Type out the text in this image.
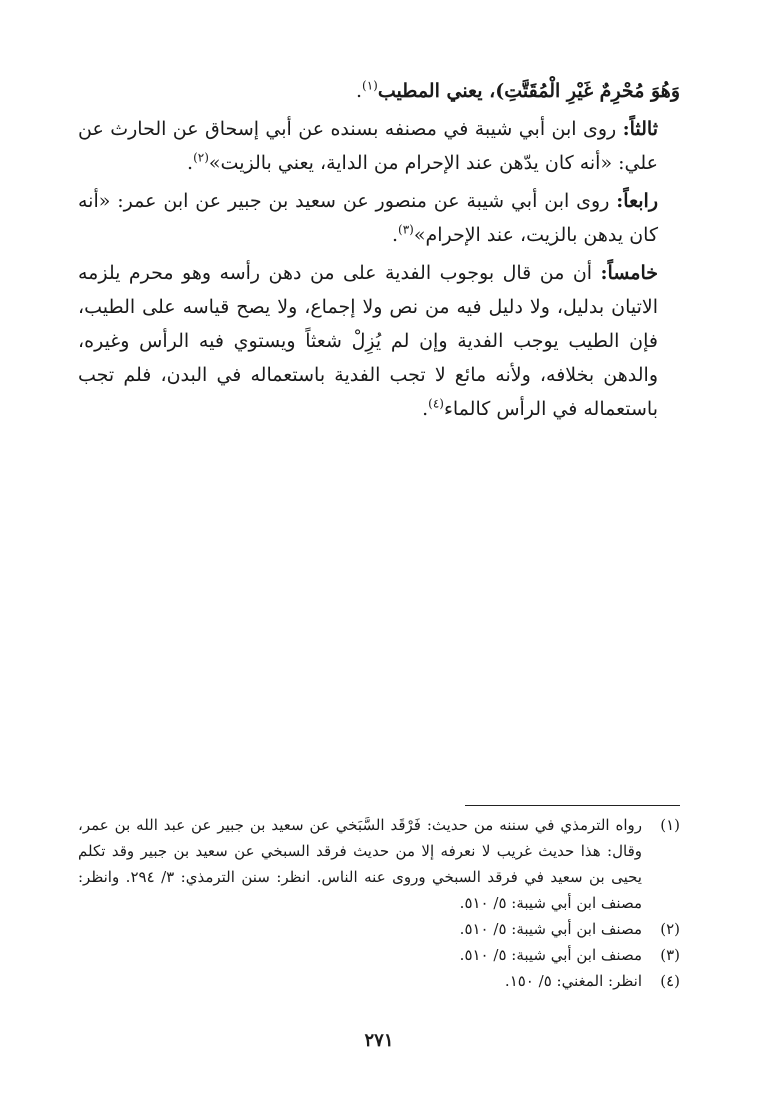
وَهُوَ مُحْرِمٌ غَيْرِ الْمُقَتَّتِ)، يعني المطيب$^{(١)}$.

ثالثاً: روى ابن أبي شيبة في مصنفه بسنده عن أبي إسحاق عن الحارث عن علي: «أنه كان يدّهن عند الإحرام من الداية، يعني بالزيت»$^{(٢)}$.

رابعاً: روى ابن أبي شيبة عن منصور عن سعيد بن جبير عن ابن عمر: «أنه كان يدهن بالزيت، عند الإحرام»$^{(٣)}$.

خامساً: أن من قال بوجوب الفدية على من دهن رأسه وهو محرم يلزمه الاتيان بدليل، ولا دليل فيه من نص ولا إجماع، ولا يصح قياسه على الطيب، فإن الطيب يوجب الفدية وإن لم يُزِلْ شعثاً ويستوي فيه الرأس وغيره، والدهن بخلافه، ولأنه مائع لا تجب الفدية باستعماله في البدن، فلم تجب باستعماله في الرأس كالماء$^{(٤)}$.

(١)
رواه الترمذي في سننه من حديث: فَرْقَد السَّبَخي عن سعيد بن جبير عن عبد الله بن عمر، وقال: هذا حديث غريب لا نعرفه إلا من حديث فرقد السبخي عن سعيد بن جبير وقد تكلم يحيى بن سعيد في فرقد السبخي وروى عنه الناس. انظر: سنن الترمذي: ٣/ ٢٩٤. وانظر: مصنف ابن أبي شيبة: ٥/ ٥١٠.
(٢)
مصنف ابن أبي شيبة: ٥/ ٥١٠.
(٣)
مصنف ابن أبي شيبة: ٥/ ٥١٠.
(٤)
انظر: المغني: ٥/ ١٥٠.
٢٧١
